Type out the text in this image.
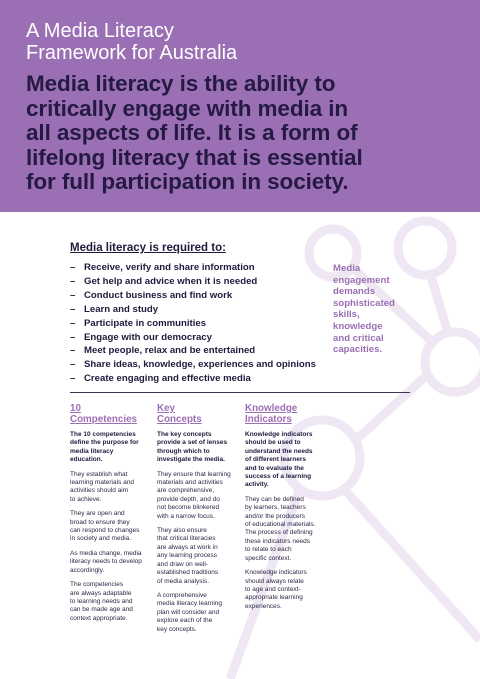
A Media Literacy
Framework for Australia
Media literacy is the ability to
critically engage with media in
all aspects of life. It is a form of
lifelong literacy that is essential
for full participation in society.
Media literacy is required to:
– Receive, verify and share information
– Get help and advice when it is needed
– Conduct business and find work
– Learn and study
– Participate in communities
– Engage with our democracy
– Meet people, relax and be entertained
– Share ideas, knowledge, experiences and opinions
– Create engaging and effective media
Media
engagement
demands
sophisticated
skills,
knowledge
and critical
capacities.
10
Competencies
The 10 competencies
define the purpose for
media literacy
education.

They establish what
learning materials and
activities should aim
to achieve.

They are open and
broad to ensure they
can respond to changes
in society and media.

As media change, media
literacy needs to develop
accordingly.

The competencies
are always adaptable
to learning needs and
can be made age and
context appropriate.

Key
Concepts
The key concepts
provide a set of lenses
through which to
investigate the media.

They ensure that learning
materials and activities
are comprehensive,
provide depth, and do
not become blinkered
with a narrow focus.

They also ensure
that critical literacies
are always at work in
any learning process
and draw on well-
established traditions
of media analysis.

A comprehensive
media literacy learning
plan will consider and
explore each of the
key concepts.

Knowledge
Indicators
Knowledge indicators
should be used to
understand the needs
of different learners
and to evaluate the
success of a learning
activity.

They can be defined
by learners, teachers
and/or the producers
of educational materials.
The process of defining
these indicators needs
to relate to each
specific context.

Knowledge indicators
should always relate
to age and context-
appropriate learning
experiences.
